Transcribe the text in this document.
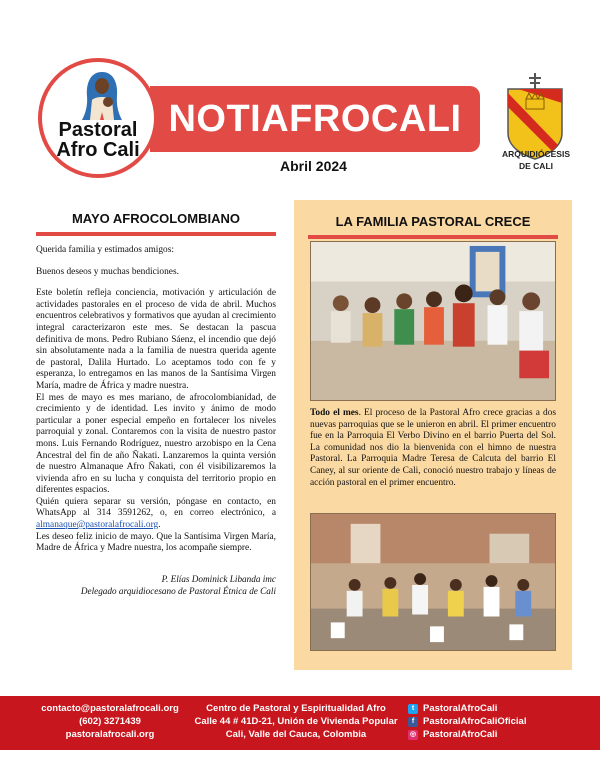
NOTIAFROCALI
Pastoral
Afro Cali
Abril 2024
ARQUIDIÓCESIS
DE CALI
MAYO AFROCOLOMBIANO

Querida familia y estimados amigos:

Buenos deseos y muchas bendiciones.

Este boletín refleja conciencia, motivación y articulación de actividades pastorales en el proceso de vida de abril. Muchos encuentros celebrativos y formativos que ayudan al crecimiento integral caracterizaron este mes. Se destacan la pascua definitiva de mons. Pedro Rubiano Sáenz, el incendio que dejó sin absolutamente nada a la familia de nuestra querida agente de pastoral, Dalila Hurtado. Lo aceptamos todo con fe y esperanza, lo entregamos en las manos de la Santísima Virgen María, madre de África y madre nuestra.

El mes de mayo es mes mariano, de afrocolombianidad, de crecimiento y de identidad. Les invito y ánimo de modo particular a poner especial empeño en fortalecer los niveles parroquial y zonal. Contaremos con la visita de nuestro pastor mons. Luis Fernando Rodríguez, nuestro arzobispo en la Cena Ancestral del fin de año Ñakati. Lanzaremos la quinta versión de nuestro Almanaque Afro Ñakati, con él visibilizaremos la vivienda afro en su lucha y conquista del territorio propio en diferentes espacios.

Quién quiera separar su versión, póngase en contacto, en WhatsApp al 314 3591262, o, en correo electrónico, a almanaque@pastoralafrocali.org.

Les deseo feliz inicio de mayo. Que la Santísima Virgen María, Madre de África y Madre nuestra, los acompañe siempre.

P. Elías Dominick Libanda imc
Delegado arquidiocesano de Pastoral Étnica de Cali
LA FAMILIA PASTORAL CRECE
Todo el mes. El proceso de la Pastoral Afro crece gracias a dos nuevas parroquias que se le unieron en abril. El primer encuentro fue en la Parroquia El Verbo Divino en el barrio Puerta del Sol. La comunidad nos dio la bienvenida con el himno de nuestra Pastoral. La Parroquia Madre Teresa de Calcuta del barrio El Caney, al sur oriente de Cali, conoció nuestro trabajo y líneas de acción pastoral en el primer encuentro.
contacto@pastoralafrocali.org
(602) 3271439
pastoralafrocali.org
Centro de Pastoral y Espiritualidad Afro
Calle 44 # 41D-21, Unión de Vivienda Popular
Cali, Valle del Cauca, Colombia
t PastoralAfroCali
f PastoralAfroCaliOficial
◎ PastoralAfroCali
